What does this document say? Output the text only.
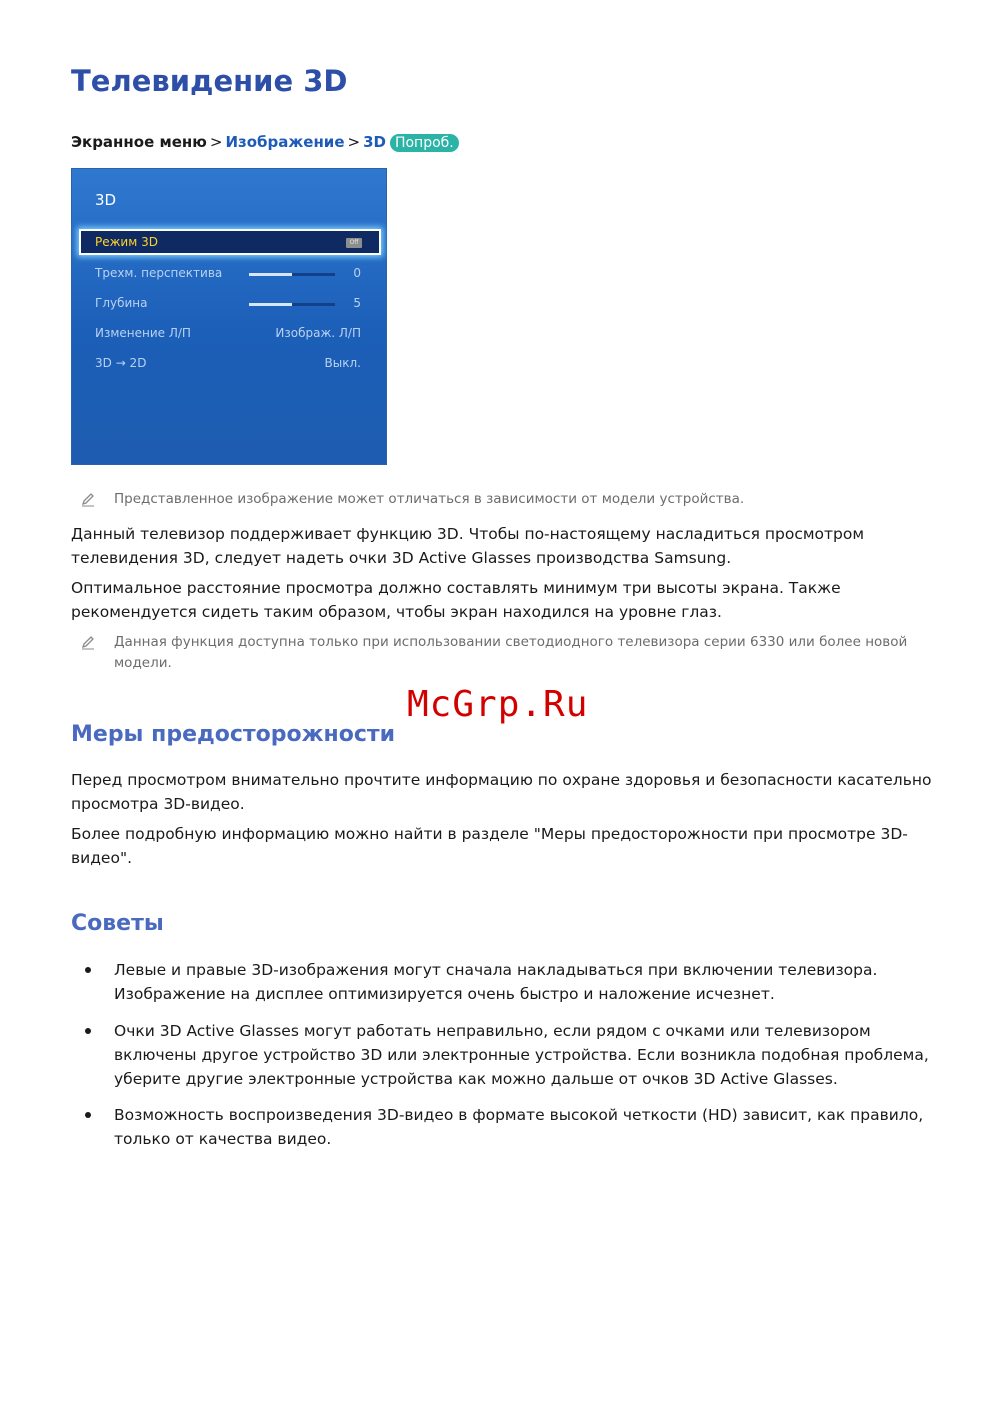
Телевидение 3D
Экранное меню > Изображение > 3D Попроб.
3D
Режим 3D	Off
Трехм. перспектива	0
Глубина	5
Изменение Л/П	Изображ. Л/П
3D → 2D	Выкл.
Представленное изображение может отличаться в зависимости от модели устройства.

Данный телевизор поддерживает функцию 3D. Чтобы по-настоящему насладиться просмотром телевидения 3D, следует надеть очки 3D Active Glasses производства Samsung.

Оптимальное расстояние просмотра должно составлять минимум три высоты экрана. Также рекомендуется сидеть таким образом, чтобы экран находился на уровне глаз.

Данная функция доступна только при использовании светодиодного телевизора серии 6330 или более новой модели.
McGrp.Ru
Меры предосторожности

Перед просмотром внимательно прочтите информацию по охране здоровья и безопасности касательно просмотра 3D-видео.

Более подробную информацию можно найти в разделе "Меры предосторожности при просмотре 3D-видео".

Советы
Левые и правые 3D-изображения могут сначала накладываться при включении телевизора. Изображение на дисплее оптимизируется очень быстро и наложение исчезнет.
Очки 3D Active Glasses могут работать неправильно, если рядом с очками или телевизором включены другое устройство 3D или электронные устройства. Если возникла подобная проблема, уберите другие электронные устройства как можно дальше от очков 3D Active Glasses.
Возможность воспроизведения 3D-видео в формате высокой четкости (HD) зависит, как правило, только от качества видео.
